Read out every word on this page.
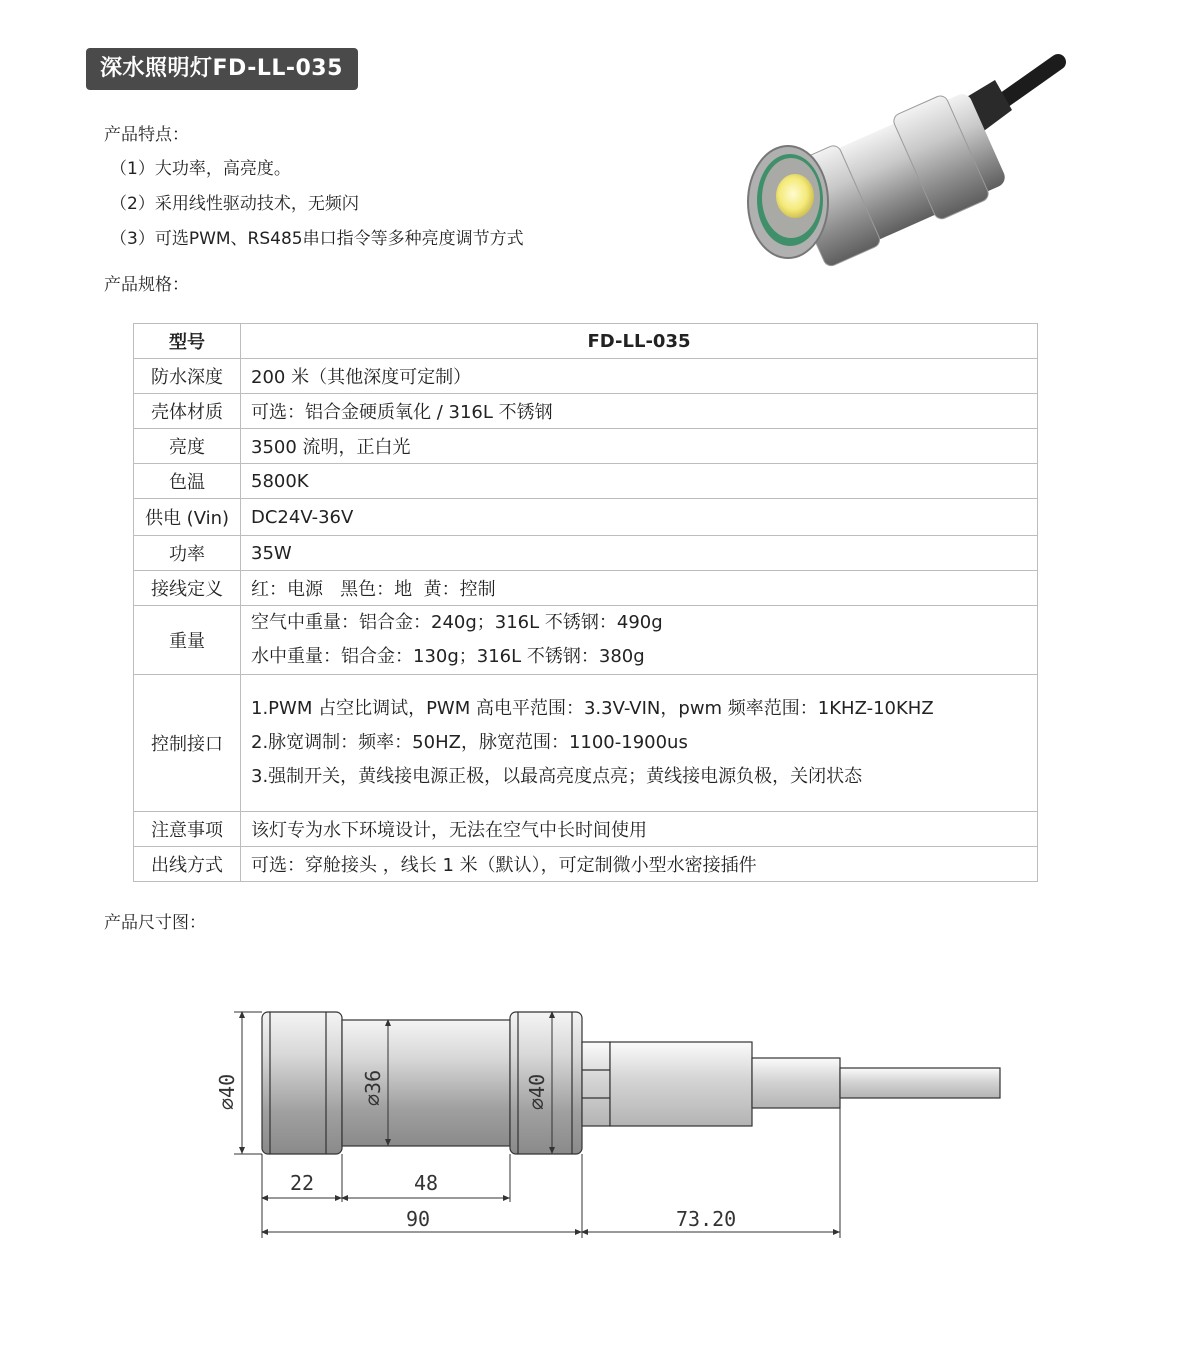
深水照明灯FD-LL-035
产品特点：
（1）大功率，高亮度。
（2）采用线性驱动技术，无频闪
（3）可选PWM、RS485串口指令等多种亮度调节方式
产品规格：
型号	FD-LL-035
防水深度	200 米（其他深度可定制）
壳体材质	可选：铝合金硬质氧化 / 316L 不锈钢
亮度	3500 流明，正白光
色温	5800K
供电 (Vin)	DC24V-36V
功率	35W
接线定义	红：电源   黑色：地  黄：控制
重量	空气中重量：铝合金：240g；316L 不锈钢：490g
水中重量：铝合金：130g；316L 不锈钢：380g

控制接口	1.PWM 占空比调试，PWM 高电平范围：3.3V-VIN，pwm 频率范围：1KHZ-10KHZ
2.脉宽调制：频率：50HZ，脉宽范围：1100-1900us
3.强制开关，黄线接电源正极，以最高亮度点亮；黄线接电源负极，关闭状态

注意事项	该灯专为水下环境设计，无法在空气中长时间使用
出线方式	可选：穿舱接头 ，线长 1 米（默认），可定制微小型水密接插件
产品尺寸图：
⌀40	⌀36	⌀40
22	48
90	73.20
